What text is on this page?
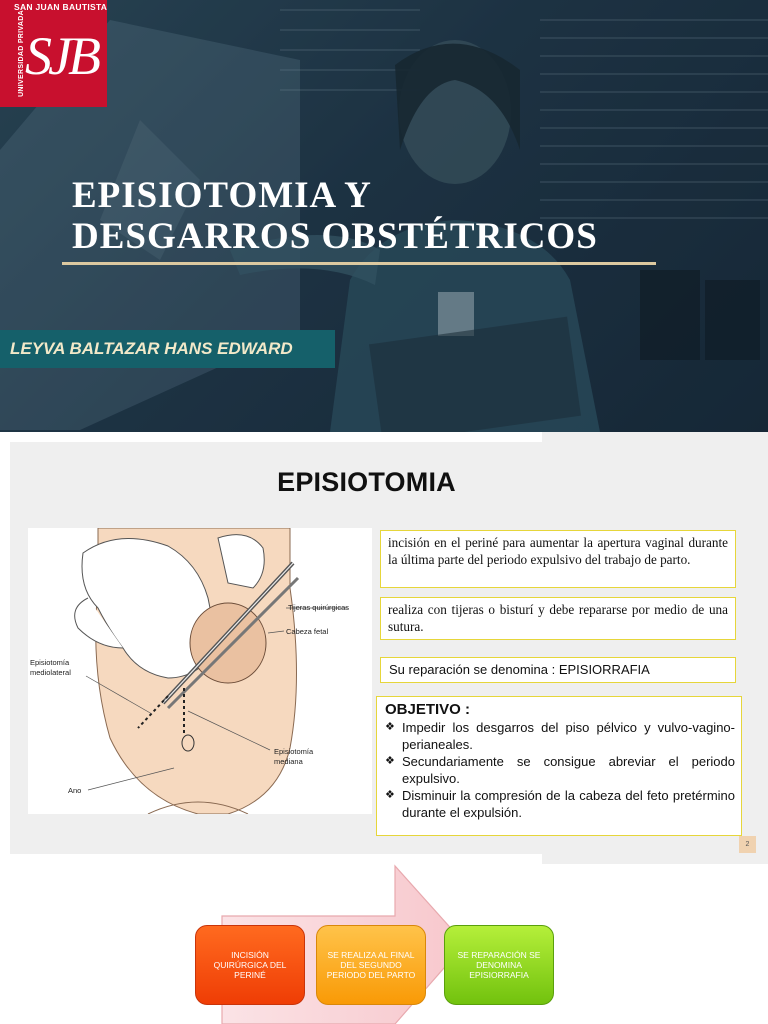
SAN JUAN BAUTISTA
UNIVERSIDAD PRIVADA SJB
EPISIOTOMIA Y
DESGARROS OBSTÉTRICOS
LEYVA BALTAZAR HANS EDWARD
EPISIOTOMIA
Tijeras quirúrgicas
Cabeza fetal
Episiotomía
mediolateral
Episiotomía
mediana
Ano
incisión en el periné para aumentar la apertura vaginal durante la última parte del periodo expulsivo del trabajo de parto.
realiza con tijeras o bisturí y debe repararse por medio de una sutura.
Su reparación se denomina : EPISIORRAFIA
OBJETIVO :
❖ Impedir los desgarros del piso pélvico y vulvo-vagino-perianeales.
❖ Secundariamente se consigue abreviar el periodo expulsivo.
❖ Disminuir la compresión de la cabeza del feto pretérmino durante el expulsión.
2
INCISIÓN QUIRÚRGICA DEL PERINÉ
SE REALIZA AL FINAL DEL SEGUNDO PERIODO DEL PARTO
SE REPARACIÓN SE DENOMINA EPISIORRAFIA
